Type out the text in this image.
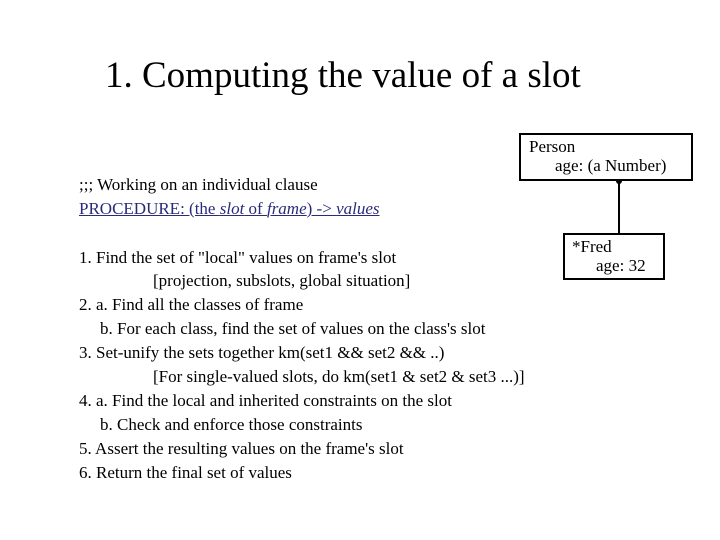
1. Computing the value of a slot
;;; Working on an individual clause
PROCEDURE: (the slot of frame) -> values
1. Find the set of "local" values on frame's slot
[projection, subslots, global situation]
2. a. Find all the classes of frame
b. For each class, find the set of values on the class's slot
3. Set-unify the sets together km(set1 && set2 && ..)
[For single-valued slots, do km(set1 & set2 & set3 ...)]
4. a. Find the local and inherited constraints on the slot
b. Check and enforce those constraints
5. Assert the resulting values on the frame's slot
6. Return the final set of values
Person
age: (a Number)
*Fred
age: 32
